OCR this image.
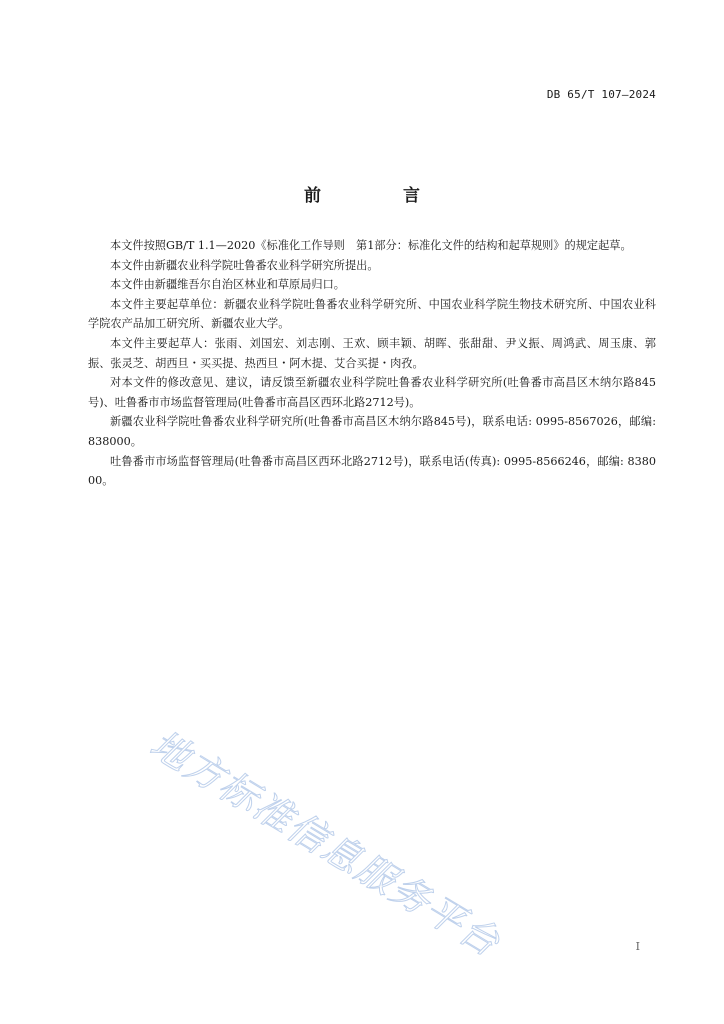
DB 65/T 107—2024
前 言

本文件按照GB/T 1.1—2020《标准化工作导则　第1部分：标准化文件的结构和起草规则》的规定起草。

本文件由新疆农业科学院吐鲁番农业科学研究所提出。

本文件由新疆维吾尔自治区林业和草原局归口。

本文件主要起草单位：新疆农业科学院吐鲁番农业科学研究所、中国农业科学院生物技术研究所、中国农业科学院农产品加工研究所、新疆农业大学。

本文件主要起草人：张雨、刘国宏、刘志刚、王欢、顾丰颖、胡晖、张甜甜、尹义振、周鸿武、周玉康、郭振、张灵芝、胡西旦・买买提、热西旦・阿木提、艾合买提・肉孜。

对本文件的修改意见、建议，请反馈至新疆农业科学院吐鲁番农业科学研究所(吐鲁番市高昌区木纳尔路845号)、吐鲁番市市场监督管理局(吐鲁番市高昌区西环北路2712号)。

新疆农业科学院吐鲁番农业科学研究所(吐鲁番市高昌区木纳尔路845号)，联系电话: 0995-8567026，邮编: 838000。

吐鲁番市市场监督管理局(吐鲁番市高昌区西环北路2712号)，联系电话(传真): 0995-8566246，邮编: 838000。

地方标准信息服务平台	I
